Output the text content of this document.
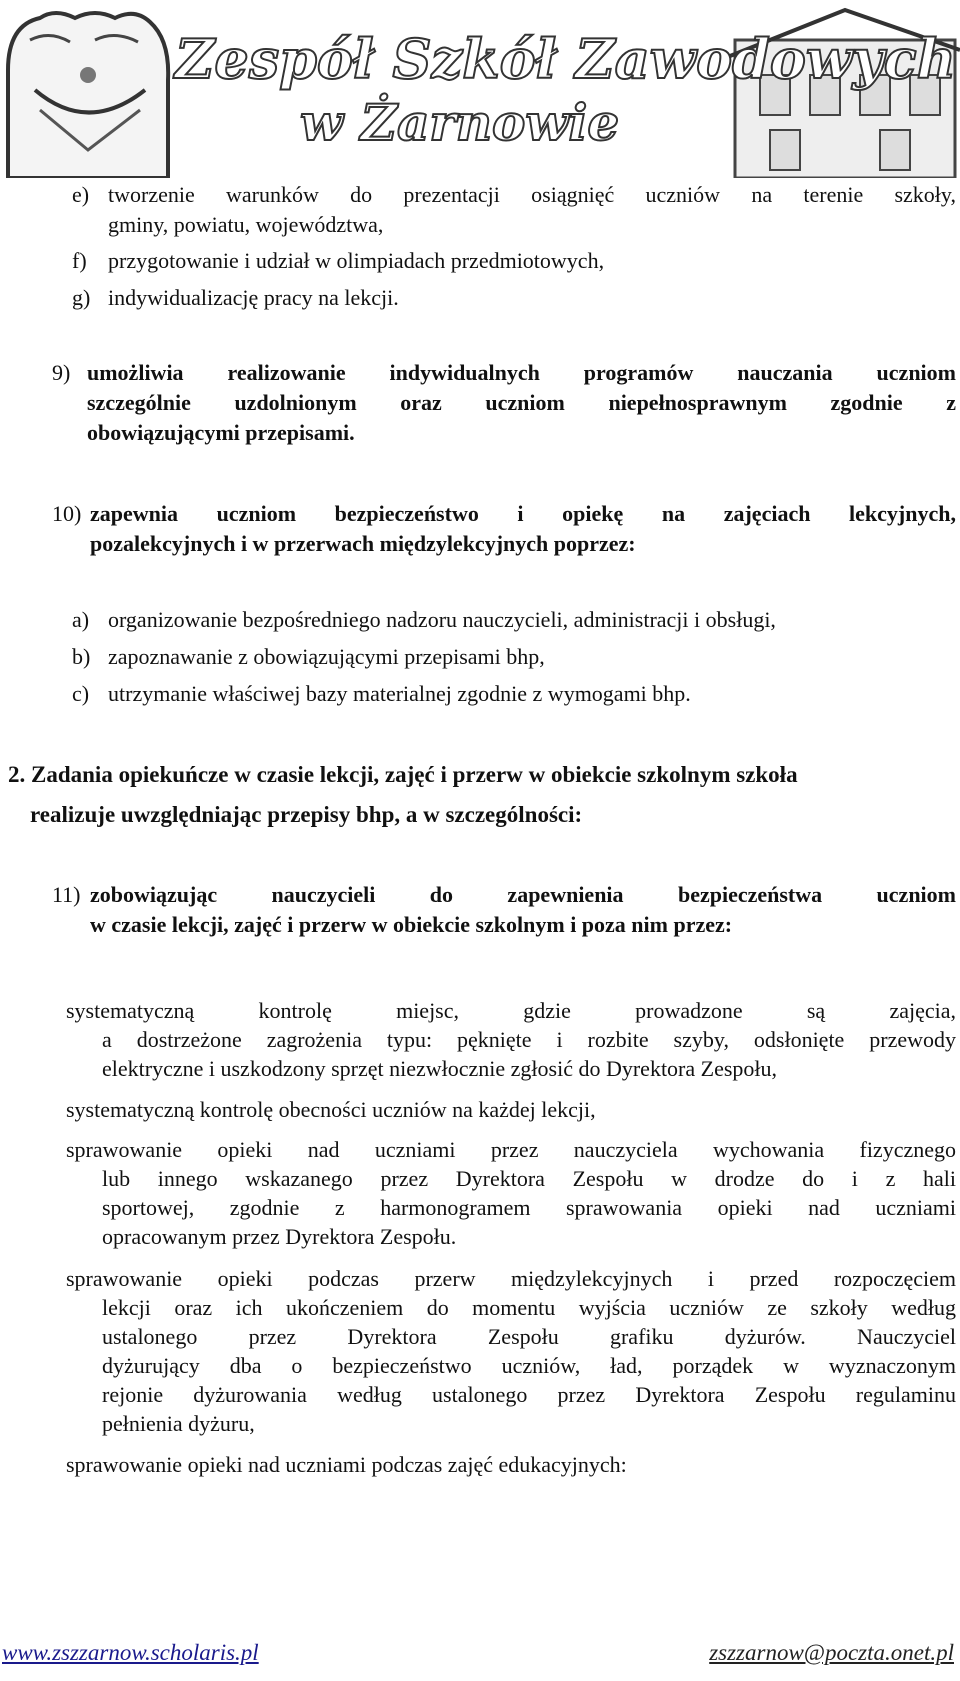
Zespół Szkół Zawodowych
w Żarnowie
e) tworzenie warunków do prezentacji osiągnięć uczniów na terenie szkoły,
gminy, powiatu, województwa,
f) przygotowanie i udział w olimpiadach przedmiotowych,
g) indywidualizację pracy na lekcji.
9) umożliwia realizowanie indywidualnych programów nauczania uczniom
szczególnie uzdolnionym oraz uczniom niepełnosprawnym zgodnie z
obowiązującymi przepisami.
10) zapewnia uczniom bezpieczeństwo i opiekę na zajęciach lekcyjnych,
pozalekcyjnych i w przerwach międzylekcyjnych poprzez:
a) organizowanie bezpośredniego nadzoru nauczycieli, administracji i obsługi,
b) zapoznawanie z obowiązującymi przepisami bhp,
c) utrzymanie właściwej bazy materialnej zgodnie z wymogami bhp.
2. Zadania opiekuńcze w czasie lekcji, zajęć i przerw w obiekcie szkolnym szkoła
realizuje uwzględniając przepisy bhp, a w szczególności:
11) zobowiązując nauczycieli do zapewnienia bezpieczeństwa uczniom
w czasie lekcji, zajęć i przerw w obiekcie szkolnym i poza nim przez:
systematyczną kontrolę miejsc, gdzie prowadzone są zajęcia,
a dostrzeżone zagrożenia typu: pęknięte i rozbite szyby, odsłonięte przewody
elektryczne i uszkodzony sprzęt niezwłocznie zgłosić do Dyrektora Zespołu,
systematyczną kontrolę obecności uczniów na każdej lekcji,
sprawowanie opieki nad uczniami przez nauczyciela wychowania fizycznego
lub innego wskazanego przez Dyrektora Zespołu w drodze do i z hali
sportowej, zgodnie z harmonogramem sprawowania opieki nad uczniami
opracowanym przez Dyrektora Zespołu.
sprawowanie opieki podczas przerw międzylekcyjnych i przed rozpoczęciem
lekcji oraz ich ukończeniem do momentu wyjścia uczniów ze szkoły według
ustalonego przez Dyrektora Zespołu grafiku dyżurów. Nauczyciel
dyżurujący dba o bezpieczeństwo uczniów, ład, porządek w wyznaczonym
rejonie dyżurowania według ustalonego przez Dyrektora Zespołu regulaminu
pełnienia dyżuru,
sprawowanie opieki nad uczniami podczas zajęć edukacyjnych:
www.zszzarnow.scholaris.pl	zszzarnow@poczta.onet.pl
